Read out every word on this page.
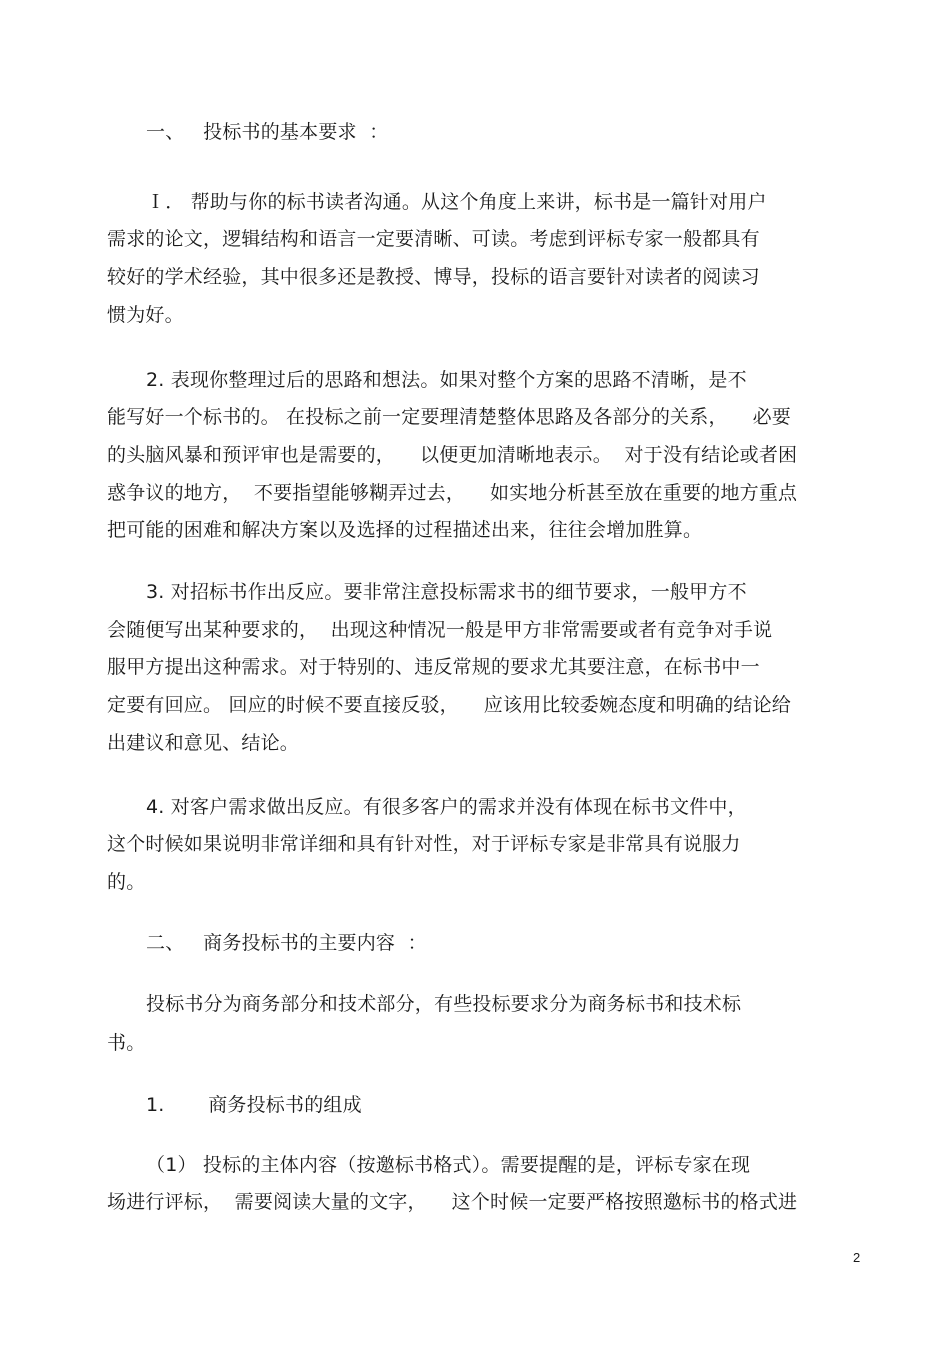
一、   投标书的基本要求  ：
Ｉ． 帮助与你的标书读者沟通。从这个角度上来讲，标书是一篇针对用户
需求的论文，逻辑结构和语言一定要清晰、可读。考虑到评标专家一般都具有
较好的学术经验，其中很多还是教授、博导，投标的语言要针对读者的阅读习
惯为好。
2. 表现你整理过后的思路和想法。如果对整个方案的思路不清晰，是不
能写好一个标书的。 在投标之前一定要理清楚整体思路及各部分的关系，    必要
的头脑风暴和预评审也是需要的，    以便更加清晰地表示。  对于没有结论或者困
惑争议的地方，  不要指望能够糊弄过去，    如实地分析甚至放在重要的地方重点
把可能的困难和解决方案以及选择的过程描述出来，往往会增加胜算。
3. 对招标书作出反应。要非常注意投标需求书的细节要求，一般甲方不
会随便写出某种要求的，  出现这种情况一般是甲方非常需要或者有竞争对手说
服甲方提出这种需求。对于特别的、违反常规的要求尤其要注意，在标书中一
定要有回应。 回应的时候不要直接反驳，    应该用比较委婉态度和明确的结论给
出建议和意见、结论。
4. 对客户需求做出反应。有很多客户的需求并没有体现在标书文件中，
这个时候如果说明非常详细和具有针对性，对于评标专家是非常具有说服力
的。
二、   商务投标书的主要内容  ：
投标书分为商务部分和技术部分，有些投标要求分为商务标书和技术标
书。
1.       商务投标书的组成
（1） 投标的主体内容（按邀标书格式）。需要提醒的是，评标专家在现
场进行评标，  需要阅读大量的文字，    这个时候一定要严格按照邀标书的格式进
2
